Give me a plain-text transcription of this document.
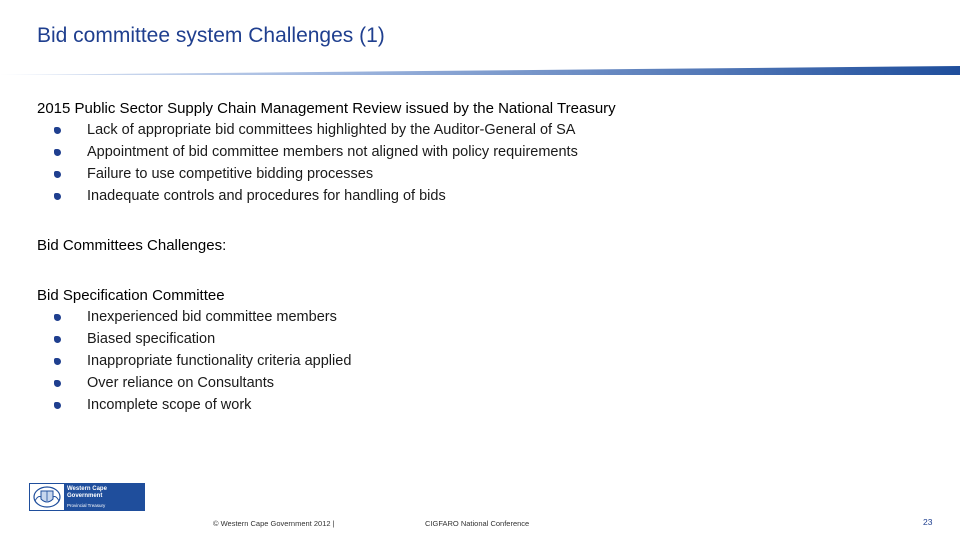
Bid committee system Challenges (1)
2015 Public Sector Supply Chain Management Review issued by the National Treasury
Lack of appropriate bid committees highlighted by the Auditor-General of SA
Appointment of bid committee members not aligned with policy requirements
Failure to use competitive bidding processes
Inadequate controls and procedures for handling of bids
Bid Committees Challenges:
Bid Specification Committee
Inexperienced bid committee members
Biased specification
Inappropriate functionality criteria applied
Over reliance on Consultants
Incomplete scope of work
Western Cape
Government
Provincial Treasury
© Western Cape Government 2012 |	CIGFARO National Conference	23
